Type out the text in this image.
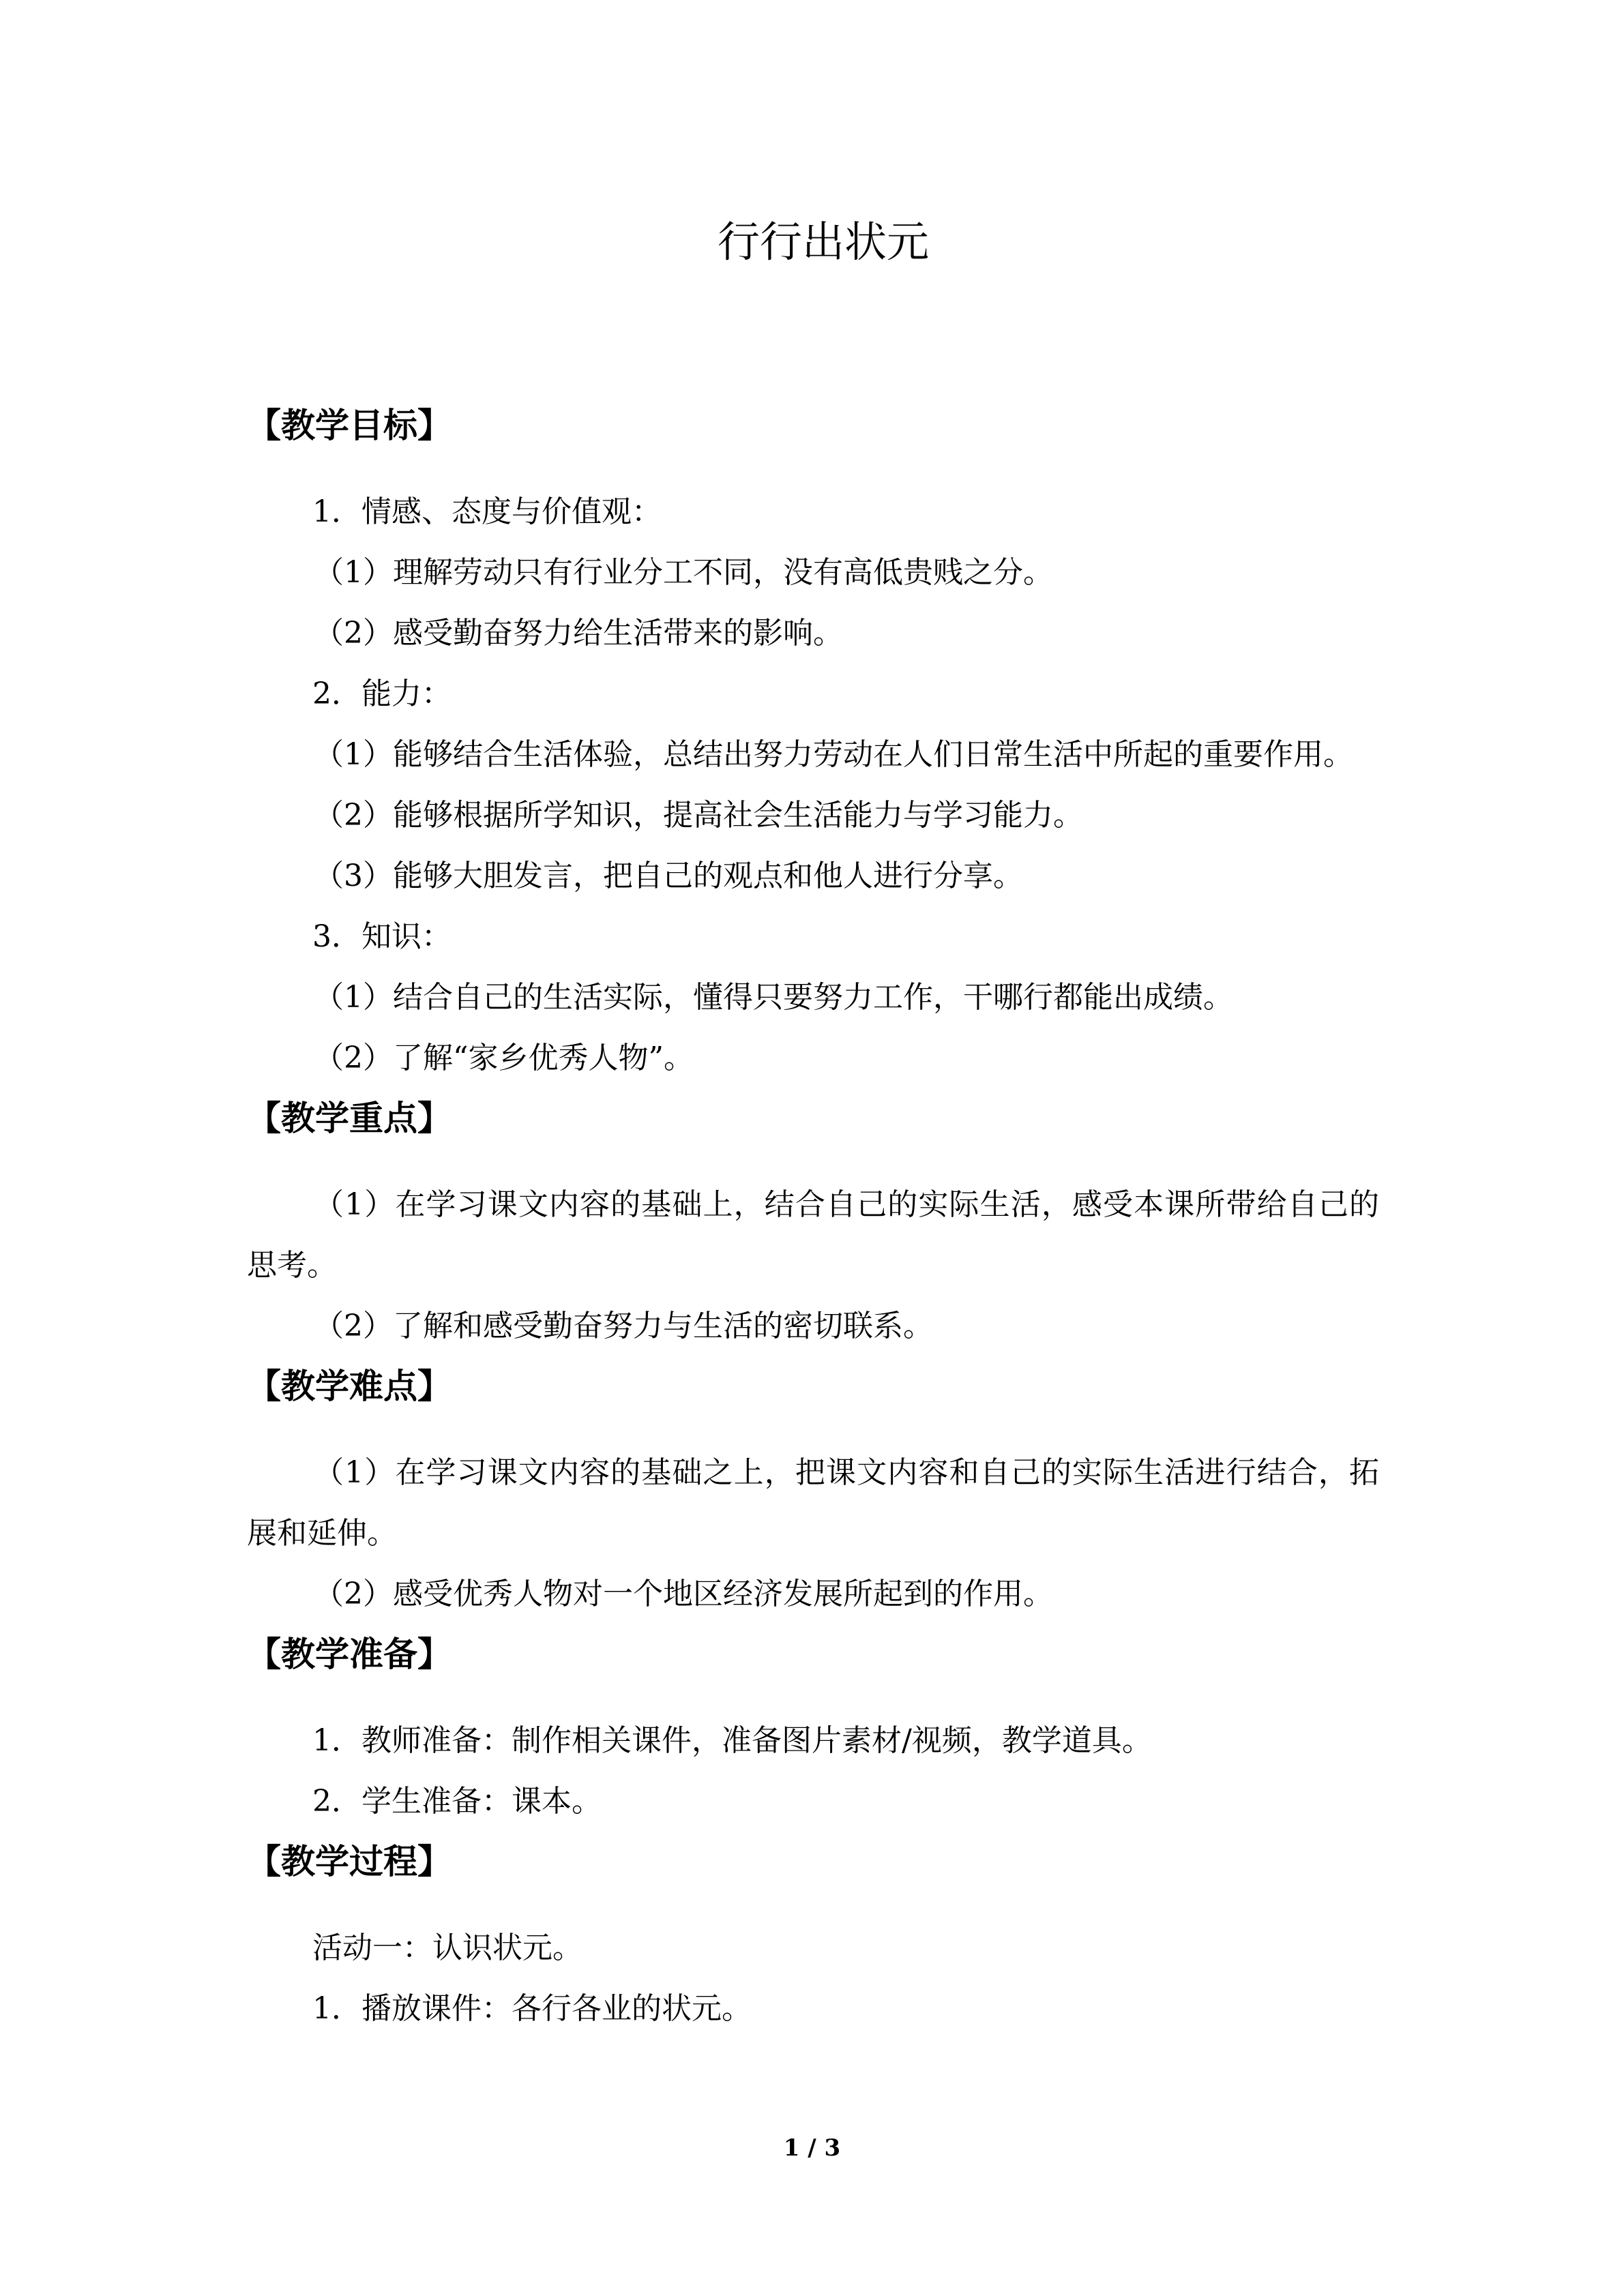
行行出状元
【教学目标】

1．情感、态度与价值观：

（1）理解劳动只有行业分工不同，没有高低贵贱之分。

（2）感受勤奋努力给生活带来的影响。

2．能力：

（1）能够结合生活体验，总结出努力劳动在人们日常生活中所起的重要作用。

（2）能够根据所学知识，提高社会生活能力与学习能力。

（3）能够大胆发言，把自己的观点和他人进行分享。

3．知识：

（1）结合自己的生活实际，懂得只要努力工作，干哪行都能出成绩。

（2）了解“家乡优秀人物”。

【教学重点】

（1）在学习课文内容的基础上，结合自己的实际生活，感受本课所带给自己的思考。

（2）了解和感受勤奋努力与生活的密切联系。

【教学难点】

（1）在学习课文内容的基础之上，把课文内容和自己的实际生活进行结合，拓展和延伸。

（2）感受优秀人物对一个地区经济发展所起到的作用。

【教学准备】

1．教师准备：制作相关课件，准备图片素材/视频，教学道具。

2．学生准备：课本。

【教学过程】

活动一：认识状元。

1．播放课件：各行各业的状元。

1 / 3
